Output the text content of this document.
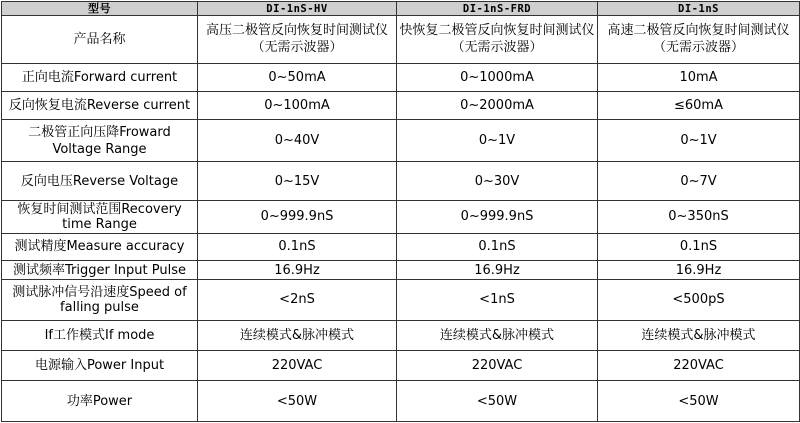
型号	DI-1nS-HV	DI-1nS-FRD	DI-1nS
产品名称	高压二极管反向恢复时间测试仪（无需示波器）	快恢复二极管反向恢复时间测试仪（无需示波器）	高速二极管反向恢复时间测试仪（无需示波器）
正向电流Forward current	0~50mA	0~1000mA	10mA
反向恢复电流Reverse current	0~100mA	0~2000mA	≤60mA
二极管正向压降Froward Voltage Range	0~40V	0~1V	0~1V
反向电压Reverse Voltage	0~15V	0~30V	0~7V
恢复时间测试范围Recovery time Range	0~999.9nS	0~999.9nS	0~350nS
测试精度Measure accuracy	0.1nS	0.1nS	0.1nS
测试频率Trigger Input Pulse	16.9Hz	16.9Hz	16.9Hz
测试脉冲信号沿速度Speed of falling pulse	<2nS	<1nS	<500pS
If工作模式If mode	连续模式&脉冲模式	连续模式&脉冲模式	连续模式&脉冲模式
电源输入Power Input	220VAC	220VAC	220VAC
功率Power	<50W	<50W	<50W
